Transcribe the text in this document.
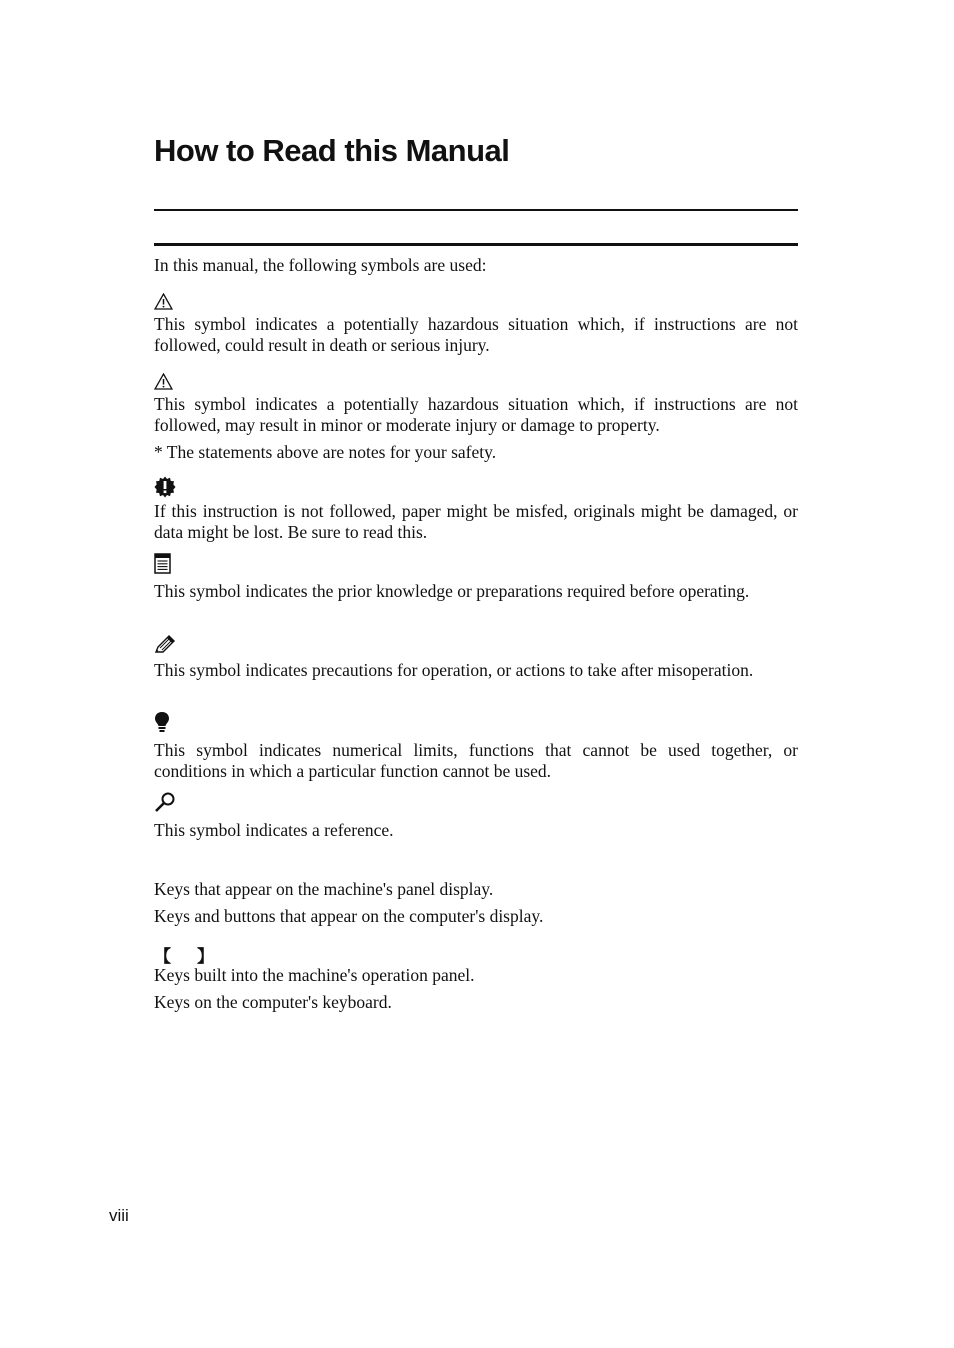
How to Read this Manual

In this manual, the following symbols are used:

This symbol indicates a potentially hazardous situation which, if instructions are not followed, could result in death or serious injury.

This symbol indicates a potentially hazardous situation which, if instructions are not followed, may result in minor or moderate injury or damage to property.

* The statements above are notes for your safety.

If this instruction is not followed, paper might be misfed, originals might be damaged, or data might be lost. Be sure to read this.

This symbol indicates the prior knowledge or preparations required before operating.

This symbol indicates precautions for operation, or actions to take after misoperation.

This symbol indicates numerical limits, functions that cannot be used together, or conditions in which a particular function cannot be used.

This symbol indicates a reference.

Keys that appear on the machine's panel display.

Keys and buttons that appear on the computer's display.

【 】

Keys built into the machine's operation panel.

Keys on the computer's keyboard.

viii
